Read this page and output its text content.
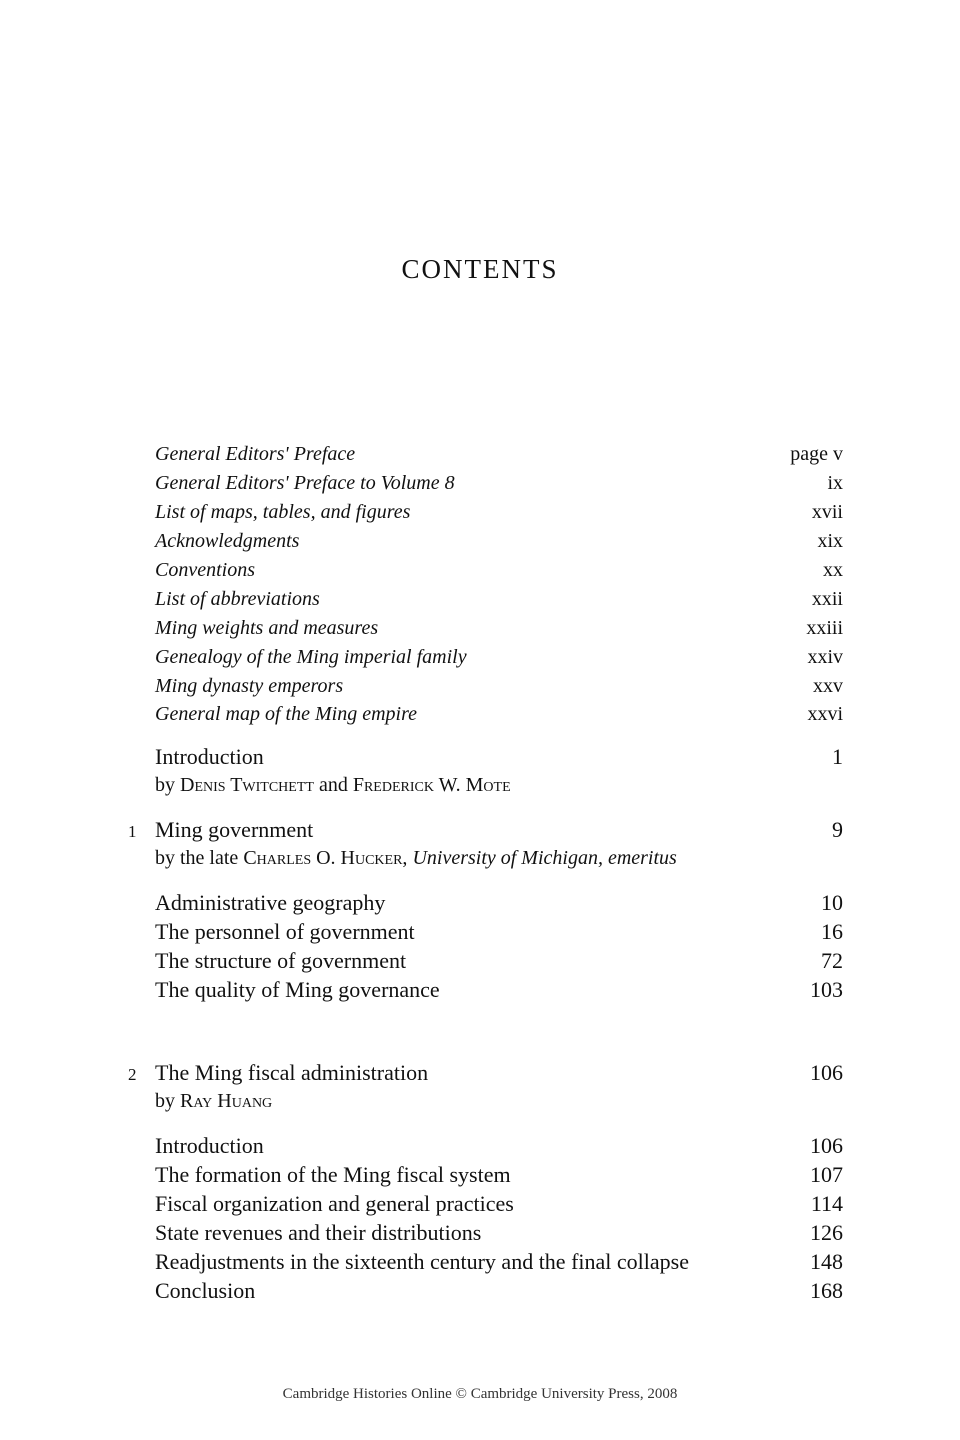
CONTENTS
General Editors' Preface	page v
General Editors' Preface to Volume 8	ix
List of maps, tables, and figures	xvii
Acknowledgments	xix
Conventions	xx
List of abbreviations	xxii
Ming weights and measures	xxiii
Genealogy of the Ming imperial family	xxiv
Ming dynasty emperors	xxv
General map of the Ming empire	xxvi
Introduction	1
by Denis Twitchett and Frederick W. Mote
1 Ming government	9
by the late Charles O. Hucker, University of Michigan, emeritus
Administrative geography	10
The personnel of government	16
The structure of government	72
The quality of Ming governance	103
2 The Ming fiscal administration	106
by Ray Huang
Introduction	106
The formation of the Ming fiscal system	107
Fiscal organization and general practices	114
State revenues and their distributions	126
Readjustments in the sixteenth century and the final collapse	148
Conclusion	168
Cambridge Histories Online © Cambridge University Press, 2008
